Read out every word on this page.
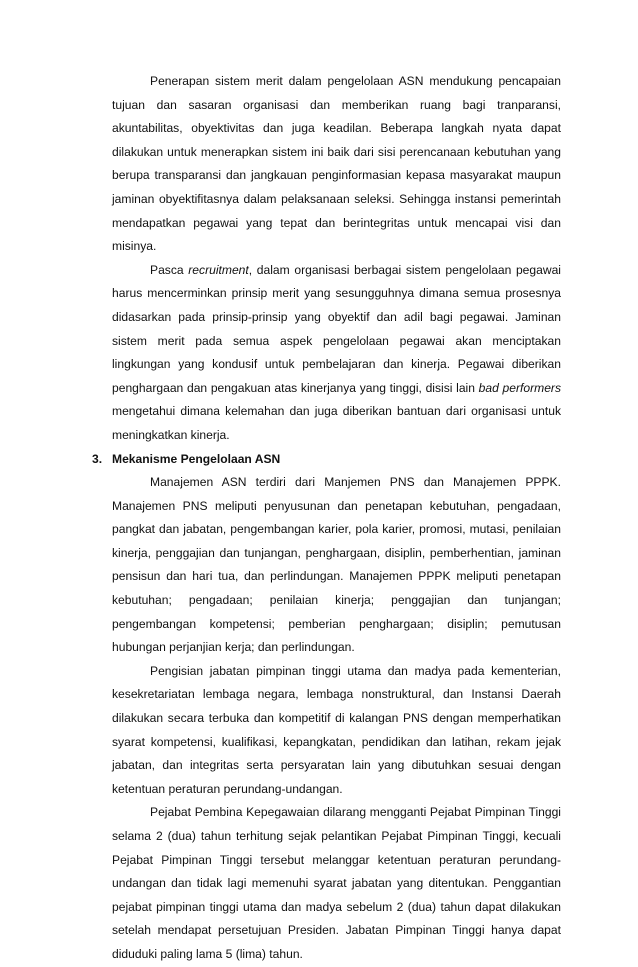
Penerapan sistem merit dalam pengelolaan ASN mendukung pencapaian tujuan dan sasaran organisasi dan memberikan ruang bagi tranparansi, akuntabilitas, obyektivitas dan juga keadilan. Beberapa langkah nyata dapat dilakukan untuk menerapkan sistem ini baik dari sisi perencanaan kebutuhan yang berupa transparansi dan jangkauan penginformasian kepasa masyarakat maupun jaminan obyektifitasnya dalam pelaksanaan seleksi. Sehingga instansi pemerintah mendapatkan pegawai yang tepat dan berintegritas untuk mencapai visi dan misinya.

Pasca recruitment, dalam organisasi berbagai sistem pengelolaan pegawai harus mencerminkan prinsip merit yang sesungguhnya dimana semua prosesnya didasarkan pada prinsip-prinsip yang obyektif dan adil bagi pegawai. Jaminan sistem merit pada semua aspek pengelolaan pegawai akan menciptakan lingkungan yang kondusif untuk pembelajaran dan kinerja. Pegawai diberikan penghargaan dan pengakuan atas kinerjanya yang tinggi, disisi lain bad performers mengetahui dimana kelemahan dan juga diberikan bantuan dari organisasi untuk meningkatkan kinerja.

3. Mekanisme Pengelolaan ASN

Manajemen ASN terdiri dari Manjemen PNS dan Manajemen PPPK. Manajemen PNS meliputi penyusunan dan penetapan kebutuhan, pengadaan, pangkat dan jabatan, pengembangan karier, pola karier, promosi, mutasi, penilaian kinerja, penggajian dan tunjangan, penghargaan, disiplin, pemberhentian, jaminan pensisun dan hari tua, dan perlindungan. Manajemen PPPK meliputi penetapan kebutuhan; pengadaan; penilaian kinerja; penggajian dan tunjangan; pengembangan kompetensi; pemberian penghargaan; disiplin; pemutusan hubungan perjanjian kerja; dan perlindungan.

Pengisian jabatan pimpinan tinggi utama dan madya pada kementerian, kesekretariatan lembaga negara, lembaga nonstruktural, dan Instansi Daerah dilakukan secara terbuka dan kompetitif di kalangan PNS dengan memperhatikan syarat kompetensi, kualifikasi, kepangkatan, pendidikan dan latihan, rekam jejak jabatan, dan integritas serta persyaratan lain yang dibutuhkan sesuai dengan ketentuan peraturan perundang-undangan.

Pejabat Pembina Kepegawaian dilarang mengganti Pejabat Pimpinan Tinggi selama 2 (dua) tahun terhitung sejak pelantikan Pejabat Pimpinan Tinggi, kecuali Pejabat Pimpinan Tinggi tersebut melanggar ketentuan peraturan perundang-undangan dan tidak lagi memenuhi syarat jabatan yang ditentukan. Penggantian pejabat pimpinan tinggi utama dan madya sebelum 2 (dua) tahun dapat dilakukan setelah mendapat persetujuan Presiden. Jabatan Pimpinan Tinggi hanya dapat diduduki paling lama 5 (lima) tahun.
